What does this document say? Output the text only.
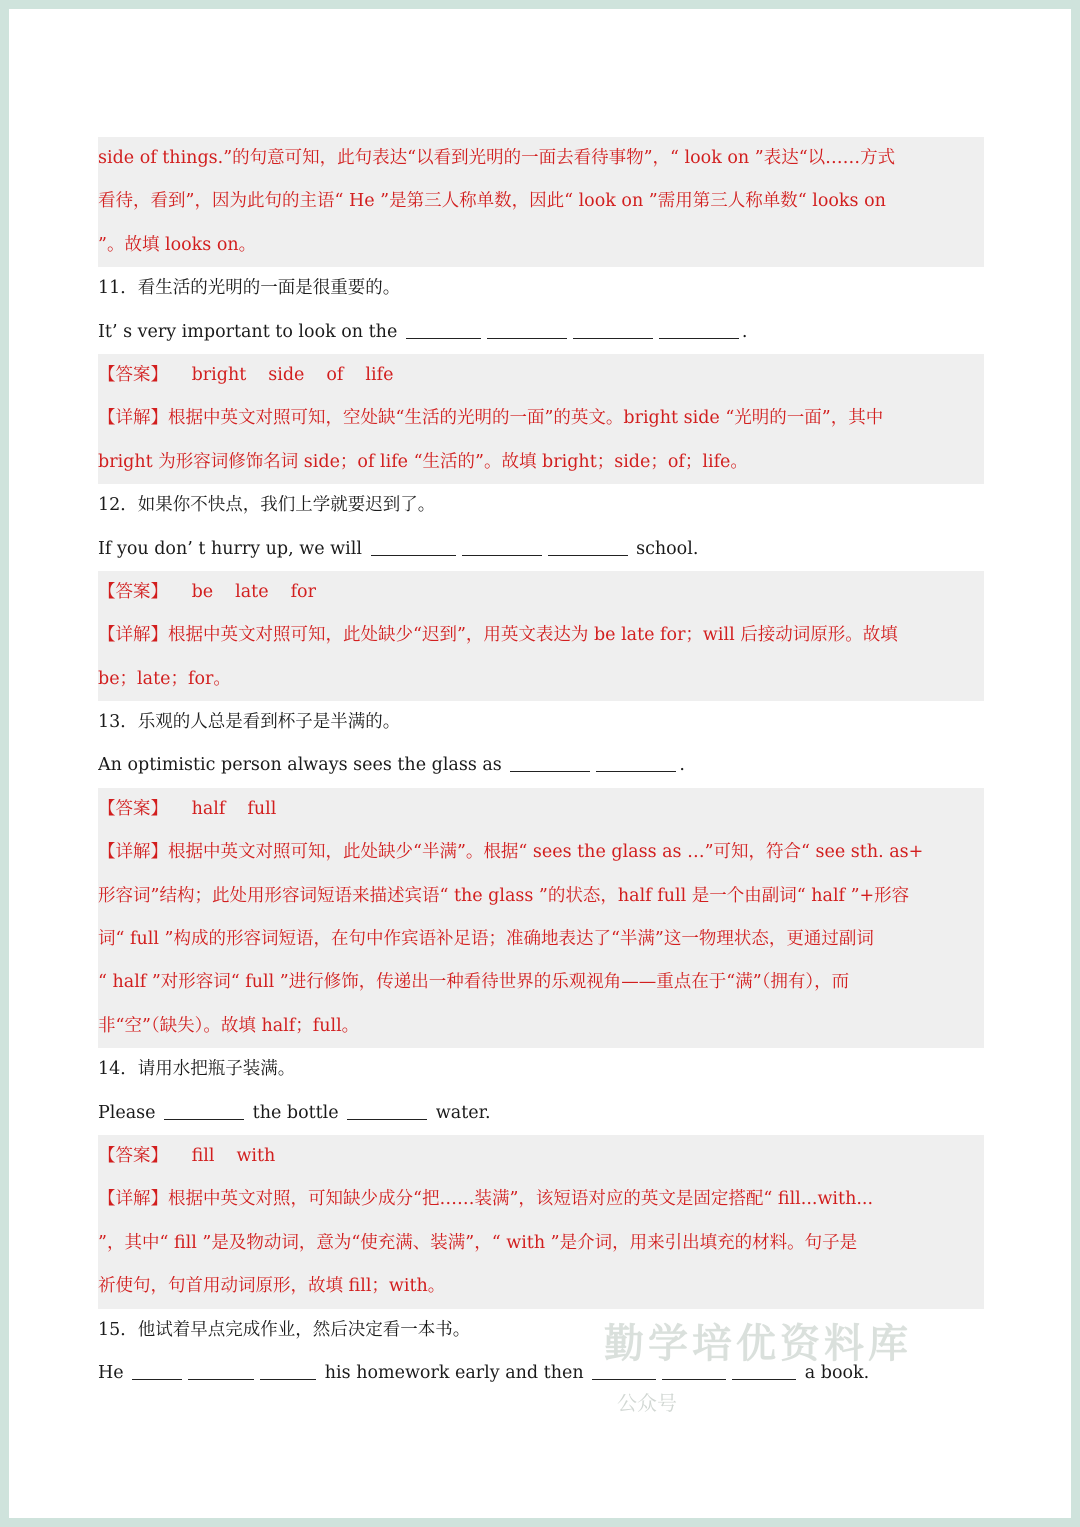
side of things.”的句意可知，此句表达“以看到光明的一面去看待事物”，“ look on ”表达“以……方式
看待，看到”，因为此句的主语“ He ”是第三人称单数，因此“ look on ”需用第三人称单数“ looks on
”。故填 looks on。
11．看生活的光明的一面是很重要的。
It’ s very important to look on the	.
【答案】 bright side of life
【详解】根据中英文对照可知，空处缺“生活的光明的一面”的英文。bright side “光明的一面”，其中
bright 为形容词修饰名词 side；of life “生活的”。故填 bright；side；of；life。
12．如果你不快点，我们上学就要迟到了。
If you don’ t hurry up, we will	school.
【答案】 be late for
【详解】根据中英文对照可知，此处缺少“迟到”，用英文表达为 be late for；will 后接动词原形。故填
be；late；for。
13．乐观的人总是看到杯子是半满的。
An optimistic person always sees the glass as	.
【答案】 half full
【详解】根据中英文对照可知，此处缺少“半满”。根据“ sees the glass as …”可知，符合“ see sth. as+
形容词”结构；此处用形容词短语来描述宾语“ the glass ”的状态，half full 是一个由副词“ half ”+形容
词“ full ”构成的形容词短语，在句中作宾语补足语；准确地表达了“半满”这一物理状态，更通过副词
“ half ”对形容词“ full ”进行修饰，传递出一种看待世界的乐观视角——重点在于“满”（拥有），而
非“空”（缺失）。故填 half；full。
14．请用水把瓶子装满。
Please	the bottle	water.
【答案】 fill with
【详解】根据中英文对照，可知缺少成分“把……装满”，该短语对应的英文是固定搭配“ fill...with...
”，其中“ fill ”是及物动词，意为“使充满、装满”，“ with ”是介词，用来引出填充的材料。句子是
祈使句，句首用动词原形，故填 fill；with。
15．他试着早点完成作业，然后决定看一本书。
He	his homework early and then	a book.
勤学培优资料库
公众号
